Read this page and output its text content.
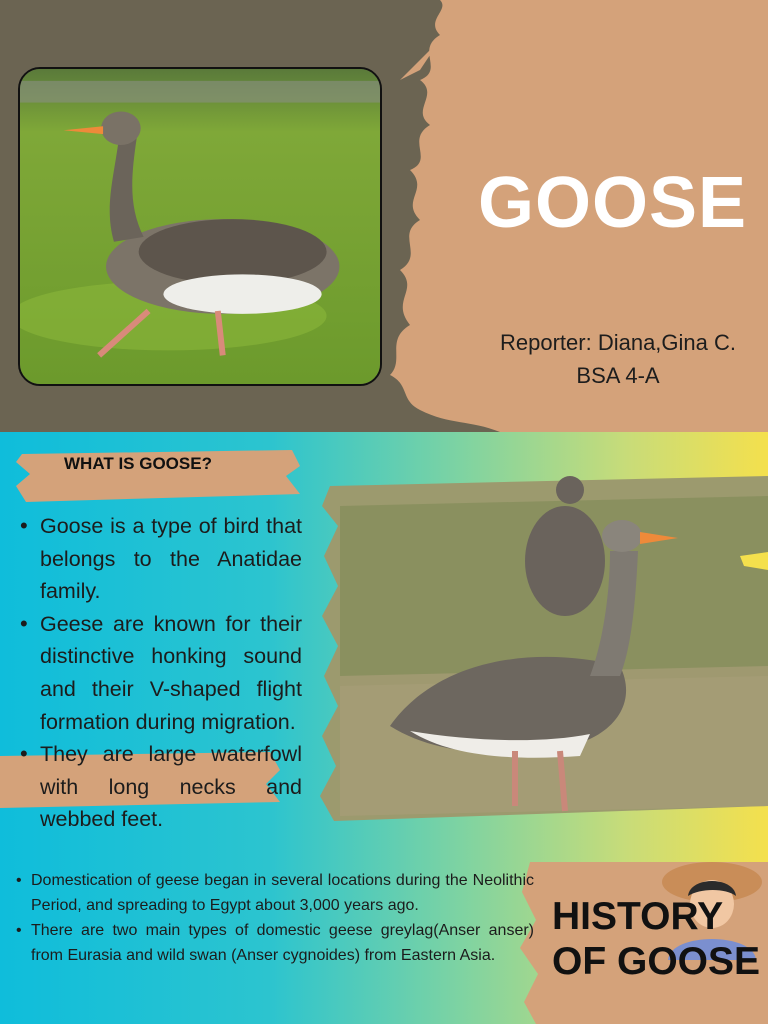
GOOSE
Reporter: Diana,Gina C.
BSA 4-A
WHAT IS GOOSE?
• Goose is a type of bird that belongs to the Anatidae family.
• Geese are known for their distinctive honking sound and their V-shaped flight formation during migration.
• They are large waterfowl with long necks and webbed feet.
HISTORY
OF GOOSE
• Domestication of geese began in several locations during the Neolithic Period, and spreading to Egypt about 3,000 years ago.
• There are two main types of domestic geese greylag(Anser anser) from Eurasia and wild swan (Anser cygnoides) from Eastern Asia.
